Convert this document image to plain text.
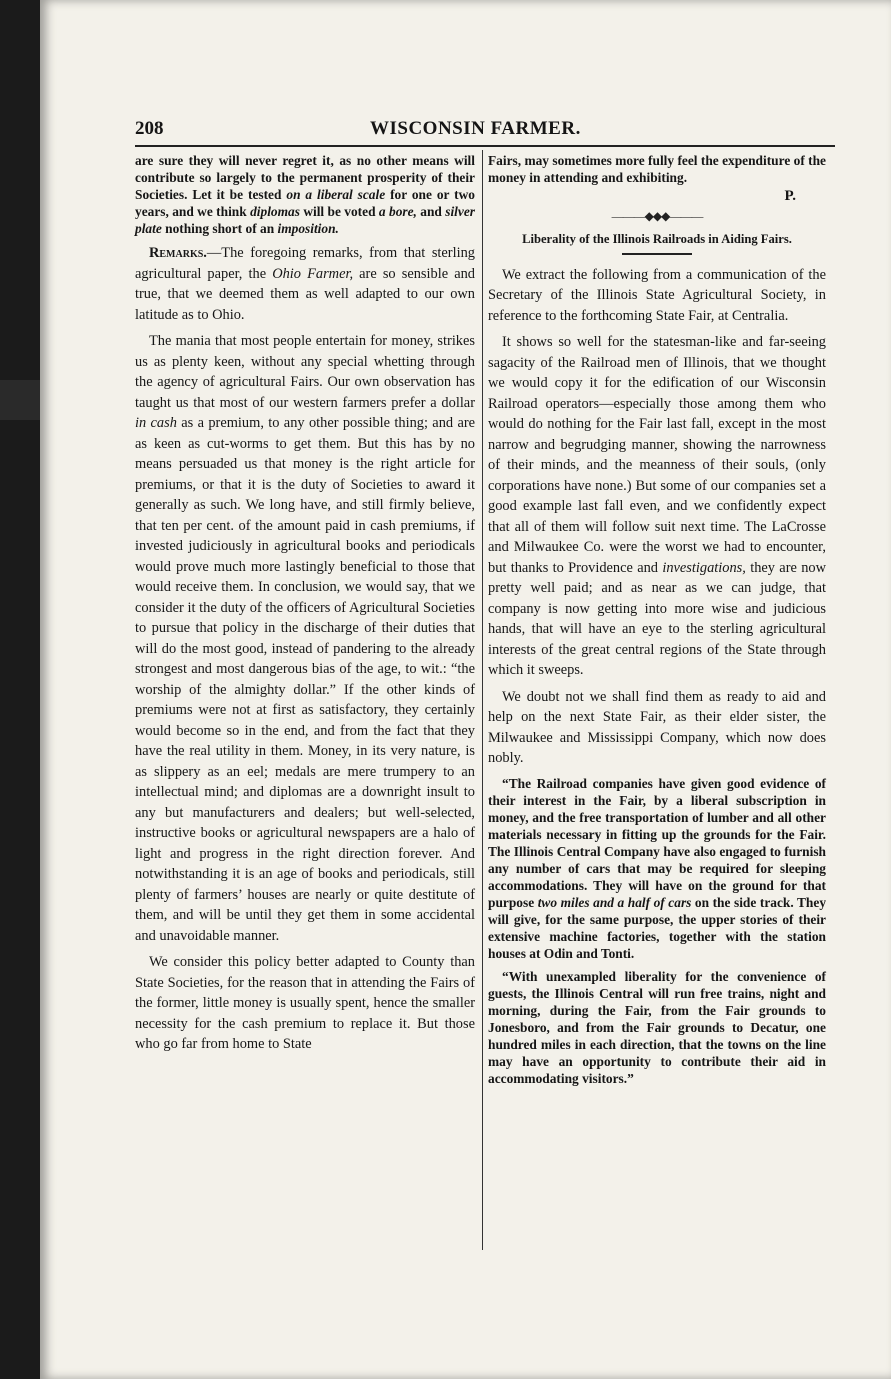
208	WISCONSIN FARMER.

are sure they will never regret it, as no other means will contribute so largely to the permanent prosperity of their Societies. Let it be tested on a liberal scale for one or two years, and we think diplomas will be voted a bore, and silver plate nothing short of an imposition.

Remarks.—The foregoing remarks, from that sterling agricultural paper, the Ohio Farmer, are so sensible and true, that we deemed them as well adapted to our own latitude as to Ohio.

The mania that most people entertain for money, strikes us as plenty keen, without any special whetting through the agency of agricultural Fairs. Our own observation has taught us that most of our western farmers prefer a dollar in cash as a premium, to any other possible thing; and are as keen as cut-worms to get them. But this has by no means persuaded us that money is the right article for premiums, or that it is the duty of Societies to award it generally as such. We long have, and still firmly believe, that ten per cent. of the amount paid in cash premiums, if invested judiciously in agricultural books and periodicals would prove much more lastingly beneficial to those that would receive them. In conclusion, we would say, that we consider it the duty of the officers of Agricultural Societies to pursue that policy in the discharge of their duties that will do the most good, instead of pandering to the already strongest and most dangerous bias of the age, to wit.: “the worship of the almighty dollar.” If the other kinds of premiums were not at first as satisfactory, they certainly would become so in the end, and from the fact that they have the real utility in them. Money, in its very nature, is as slippery as an eel; medals are mere trumpery to an intellectual mind; and diplomas are a downright insult to any but manufacturers and dealers; but well-selected, instructive books or agricultural newspapers are a halo of light and progress in the right direction forever. And notwithstanding it is an age of books and periodicals, still plenty of farmers’ houses are nearly or quite destitute of them, and will be until they get them in some accidental and unavoidable manner.

We consider this policy better adapted to County than State Societies, for the reason that in attending the Fairs of the former, little money is usually spent, hence the smaller necessity for the cash premium to replace it. But those who go far from home to State

Fairs, may sometimes more fully feel the expenditure of the money in attending and exhibiting.

P.
———◆◆◆———
Liberality of the Illinois Railroads in Aiding Fairs.

We extract the following from a communication of the Secretary of the Illinois State Agricultural Society, in reference to the forthcoming State Fair, at Centralia.

It shows so well for the statesman-like and far-seeing sagacity of the Railroad men of Illinois, that we thought we would copy it for the edification of our Wisconsin Railroad operators—especially those among them who would do nothing for the Fair last fall, except in the most narrow and begrudging manner, showing the narrowness of their minds, and the meanness of their souls, (only corporations have none.) But some of our companies set a good example last fall even, and we confidently expect that all of them will follow suit next time. The LaCrosse and Milwaukee Co. were the worst we had to encounter, but thanks to Providence and investigations, they are now pretty well paid; and as near as we can judge, that company is now getting into more wise and judicious hands, that will have an eye to the sterling agricultural interests of the great central regions of the State through which it sweeps.

We doubt not we shall find them as ready to aid and help on the next State Fair, as their elder sister, the Milwaukee and Mississippi Company, which now does nobly.

“The Railroad companies have given good evidence of their interest in the Fair, by a liberal subscription in money, and the free transportation of lumber and all other materials necessary in fitting up the grounds for the Fair. The Illinois Central Company have also engaged to furnish any number of cars that may be required for sleeping accommodations. They will have on the ground for that purpose two miles and a half of cars on the side track. They will give, for the same purpose, the upper stories of their extensive machine factories, together with the station houses at Odin and Tonti.

“With unexampled liberality for the convenience of guests, the Illinois Central will run free trains, night and morning, during the Fair, from the Fair grounds to Jonesboro, and from the Fair grounds to Decatur, one hundred miles in each direction, that the towns on the line may have an opportunity to contribute their aid in accommodating visitors.”
